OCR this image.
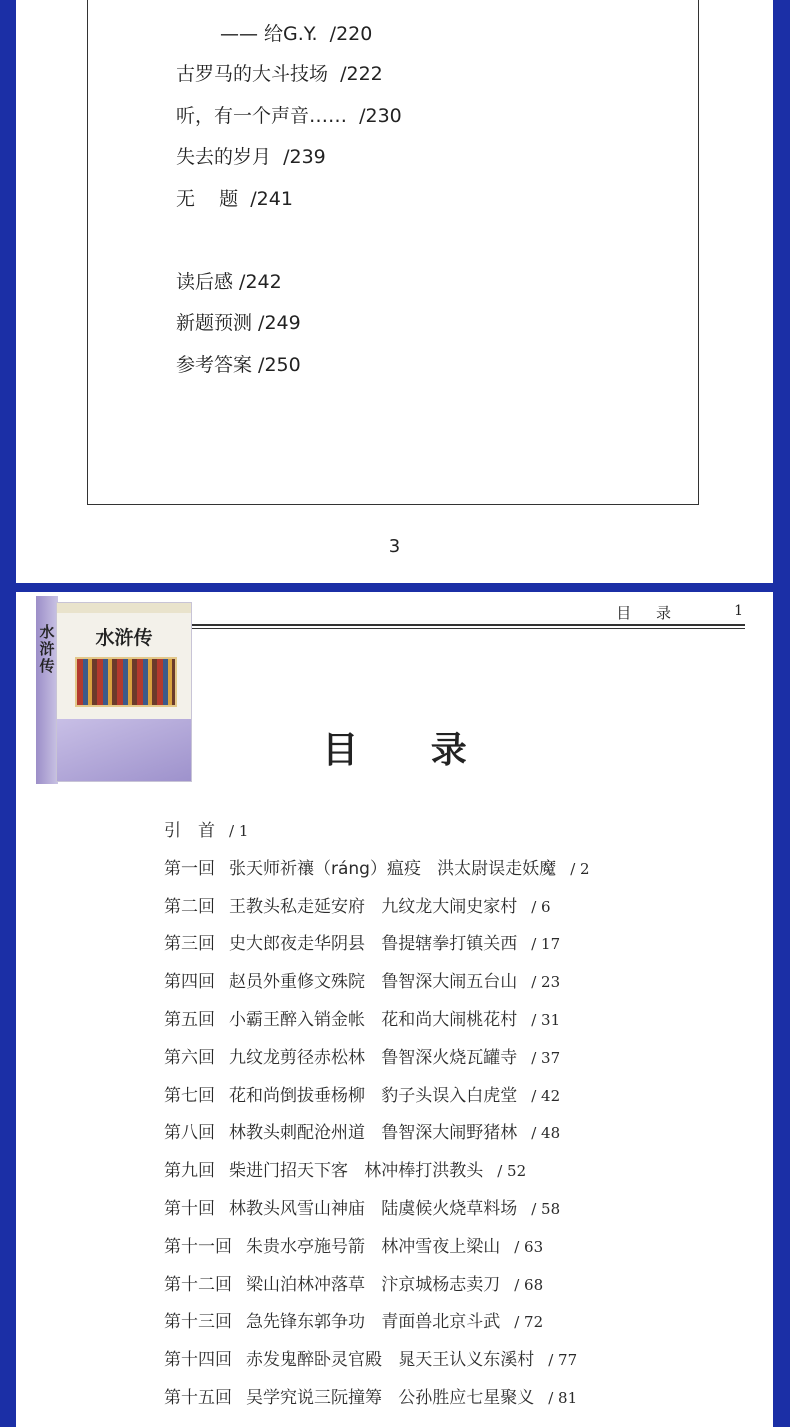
—— 给G.Y.  /220
古罗马的大斗技场  /222
听，有一个声音……  /230
失去的岁月  /239
无    题  /241
读后感 /242
新题预测 /249
参考答案 /250
3
水浒传
水浒传
目 录	1
目 录
引　首 / 1
第一回 张天师祈禳（ráng）瘟疫   洪太尉误走妖魔 / 2
第二回 王教头私走延安府   九纹龙大闹史家村 / 6
第三回 史大郎夜走华阴县   鲁提辖拳打镇关西 / 17
第四回 赵员外重修文殊院   鲁智深大闹五台山 / 23
第五回 小霸王醉入销金帐   花和尚大闹桃花村 / 31
第六回 九纹龙剪径赤松林   鲁智深火烧瓦罐寺 / 37
第七回 花和尚倒拔垂杨柳   豹子头误入白虎堂 / 42
第八回 林教头刺配沧州道   鲁智深大闹野猪林 / 48
第九回 柴进门招天下客   林冲棒打洪教头 / 52
第十回 林教头风雪山神庙   陆虞候火烧草料场 / 58
第十一回 朱贵水亭施号箭   林冲雪夜上梁山 / 63
第十二回 梁山泊林冲落草   汴京城杨志卖刀 / 68
第十三回 急先锋东郭争功   青面兽北京斗武 / 72
第十四回 赤发鬼醉卧灵官殿   晁天王认义东溪村 / 77
第十五回 吴学究说三阮撞筹   公孙胜应七星聚义 / 81
